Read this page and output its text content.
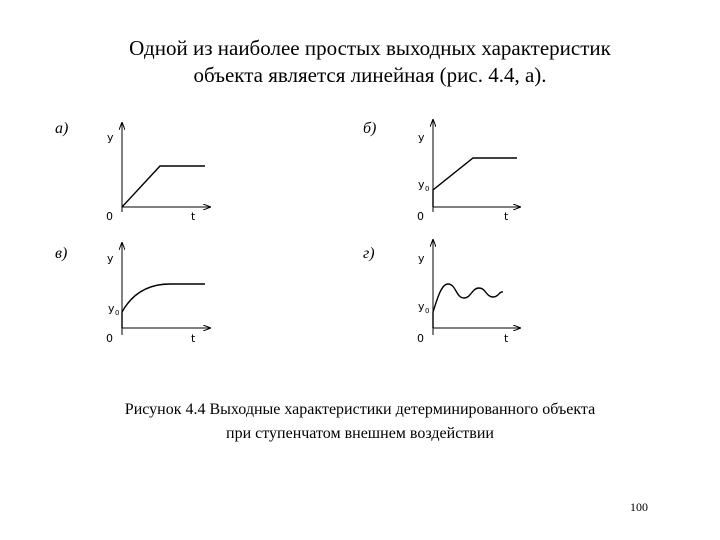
Одной из наиболее простых выходных характеристик
объекта является линейная (рис. 4.4, а).
а)
y
t
0
б)
y
t
0
y 0
в)	y
t
0
y 0
г)	y
t
0
y 0
Рисунок 4.4 Выходные характеристики детерминированного объекта
при ступенчатом внешнем воздействии
100
